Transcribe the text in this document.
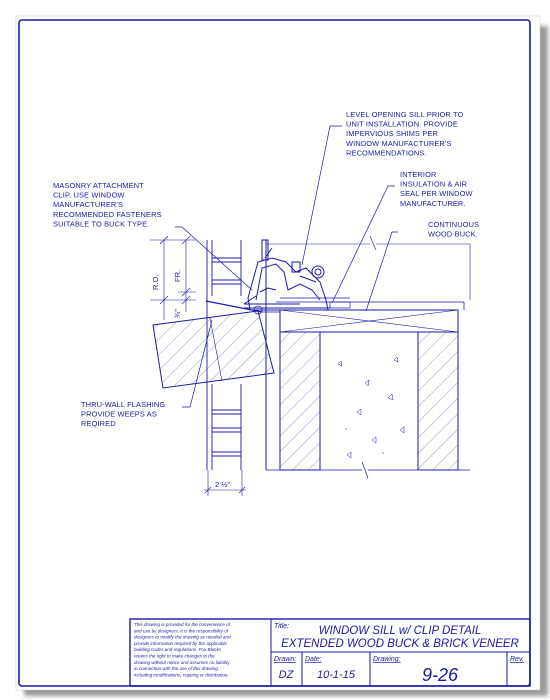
LEVEL OPENING SILL PRIOR TO UNIT INSTALLATION. PROVIDE IMPERVIOUS SHIMS PER WINDOW MANUFACTURER'S RECOMMENDATIONS.
INTERIOR INSULATION & AIR SEAL PER WINDOW MANUFACTURER.
MASONRY ATTACHMENT CLIP. USE WINDOW MANUFACTURER'S RECOMMENDED FASTENERS SUITABLE TO BUCK TYPE.	CONTINUOUS WOOD BUCK.
THRU-WALL FLASHING. PROVIDE WEEPS AS REQIRED
R.O. FR.
¾"
2 ½"
This drawing is provided for the convenience of and use by designers. It is the responsibility of designers to modify the drawing as needed and provide information required by the applicable building codes and regulations. Fox Blocks retains the right to make changes to the drawing without notice and assumes no liability in connection with the use of this drawing including modifications, copying or distribution.
Title:	WINDOW SILL w/ CLIP DETAIL
EXTENDED WOOD BUCK & BRICK VENEER
Drawn:
DZ
Date:
10-1-15
Drawing:
9-26
Rev.
